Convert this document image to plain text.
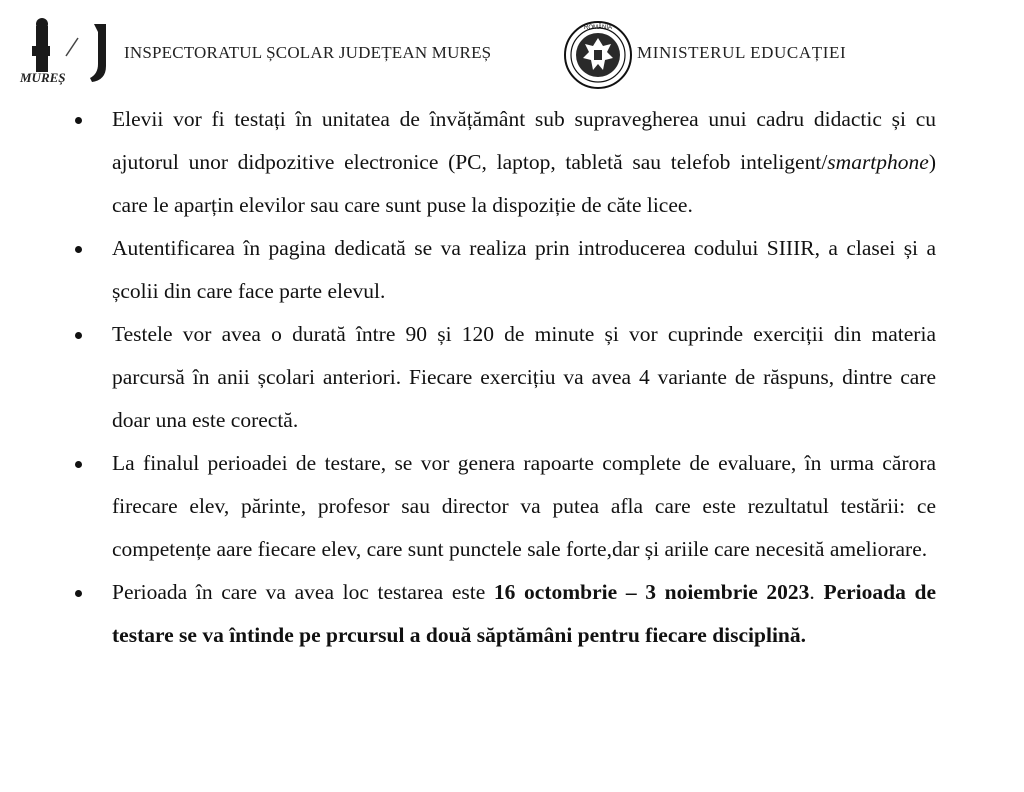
MUREȘ
INSPECTORATUL ȘCOLAR JUDEȚEAN MUREȘ
ROMÂNIA
MINISTERUL EDUCAȚIEI
Elevii vor fi testați în unitatea de învățământ sub supravegherea unui cadru didactic și cu ajutorul unor didpozitive electronice (PC, laptop, tabletă sau telefob inteligent/smartphone) care le aparțin elevilor sau care sunt puse la dispoziție de căte licee.
Autentificarea în pagina dedicată se va realiza prin introducerea codului SIIIR, a clasei și a școlii din care face parte elevul.
Testele vor avea o durată între 90 și 120 de minute și vor cuprinde exerciții din materia parcursă în anii școlari anteriori. Fiecare exercițiu va avea 4 variante de răspuns, dintre care doar una este corectă.
La finalul perioadei de testare, se vor genera rapoarte complete de evaluare, în urma cărora firecare elev, părinte, profesor sau director va putea afla care este rezultatul testării: ce competențe aare fiecare elev, care sunt punctele sale forte,dar și ariile care necesită ameliorare.
Perioada în care va avea loc testarea este 16 octombrie – 3 noiembrie 2023. Perioada de testare se va întinde pe prcursul a două săptămâni pentru fiecare disciplină.
